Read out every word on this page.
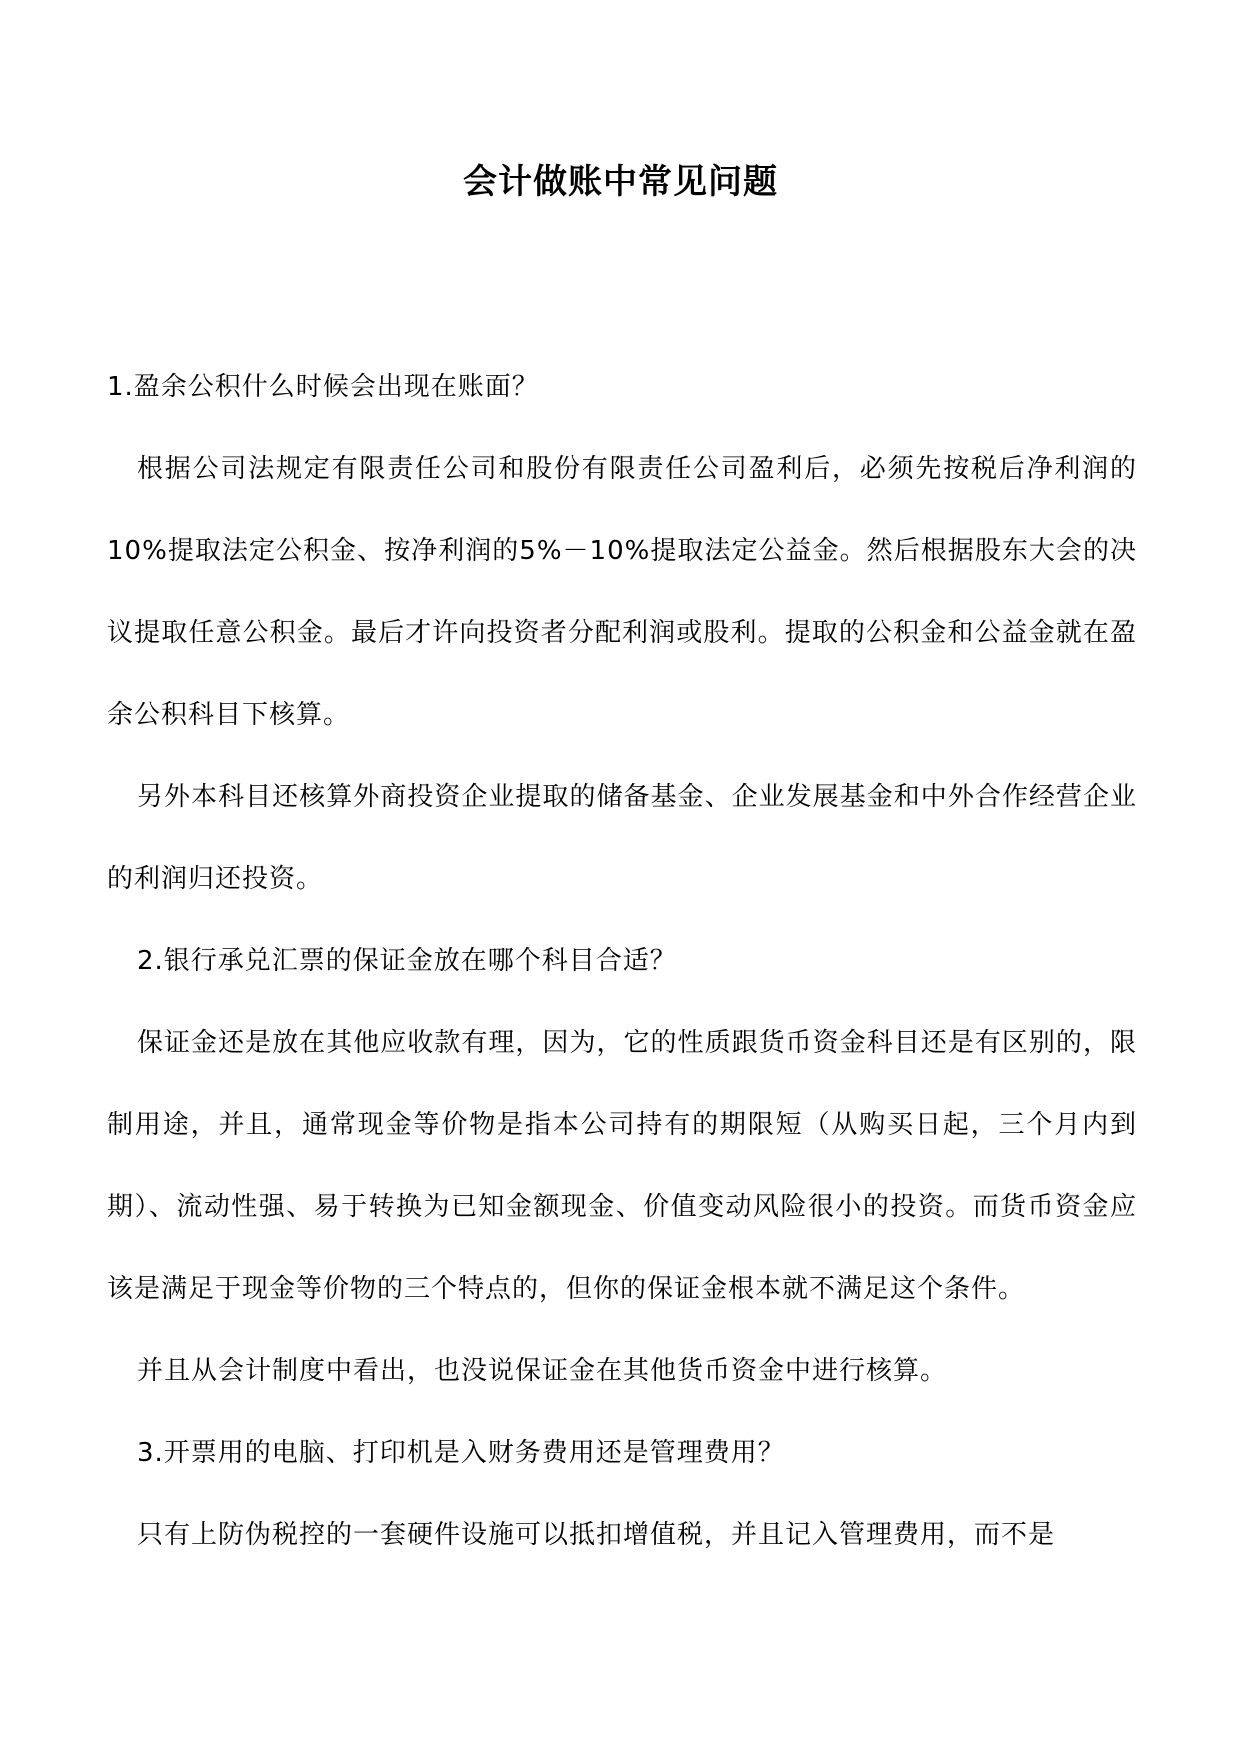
会计做账中常见问题

1.盈余公积什么时候会出现在账面？

根据公司法规定有限责任公司和股份有限责任公司盈利后，必须先按税后净利润的10%提取法定公积金、按净利润的5%－10%提取法定公益金。然后根据股东大会的决议提取任意公积金。最后才许向投资者分配利润或股利。提取的公积金和公益金就在盈余公积科目下核算。

另外本科目还核算外商投资企业提取的储备基金、企业发展基金和中外合作经营企业的利润归还投资。

2.银行承兑汇票的保证金放在哪个科目合适？

保证金还是放在其他应收款有理，因为，它的性质跟货币资金科目还是有区别的，限制用途，并且，通常现金等价物是指本公司持有的期限短（从购买日起，三个月内到期）、流动性强、易于转换为已知金额现金、价值变动风险很小的投资。而货币资金应该是满足于现金等价物的三个特点的，但你的保证金根本就不满足这个条件。

并且从会计制度中看出，也没说保证金在其他货币资金中进行核算。

3.开票用的电脑、打印机是入财务费用还是管理费用？

只有上防伪税控的一套硬件设施可以抵扣增值税，并且记入管理费用，而不是
